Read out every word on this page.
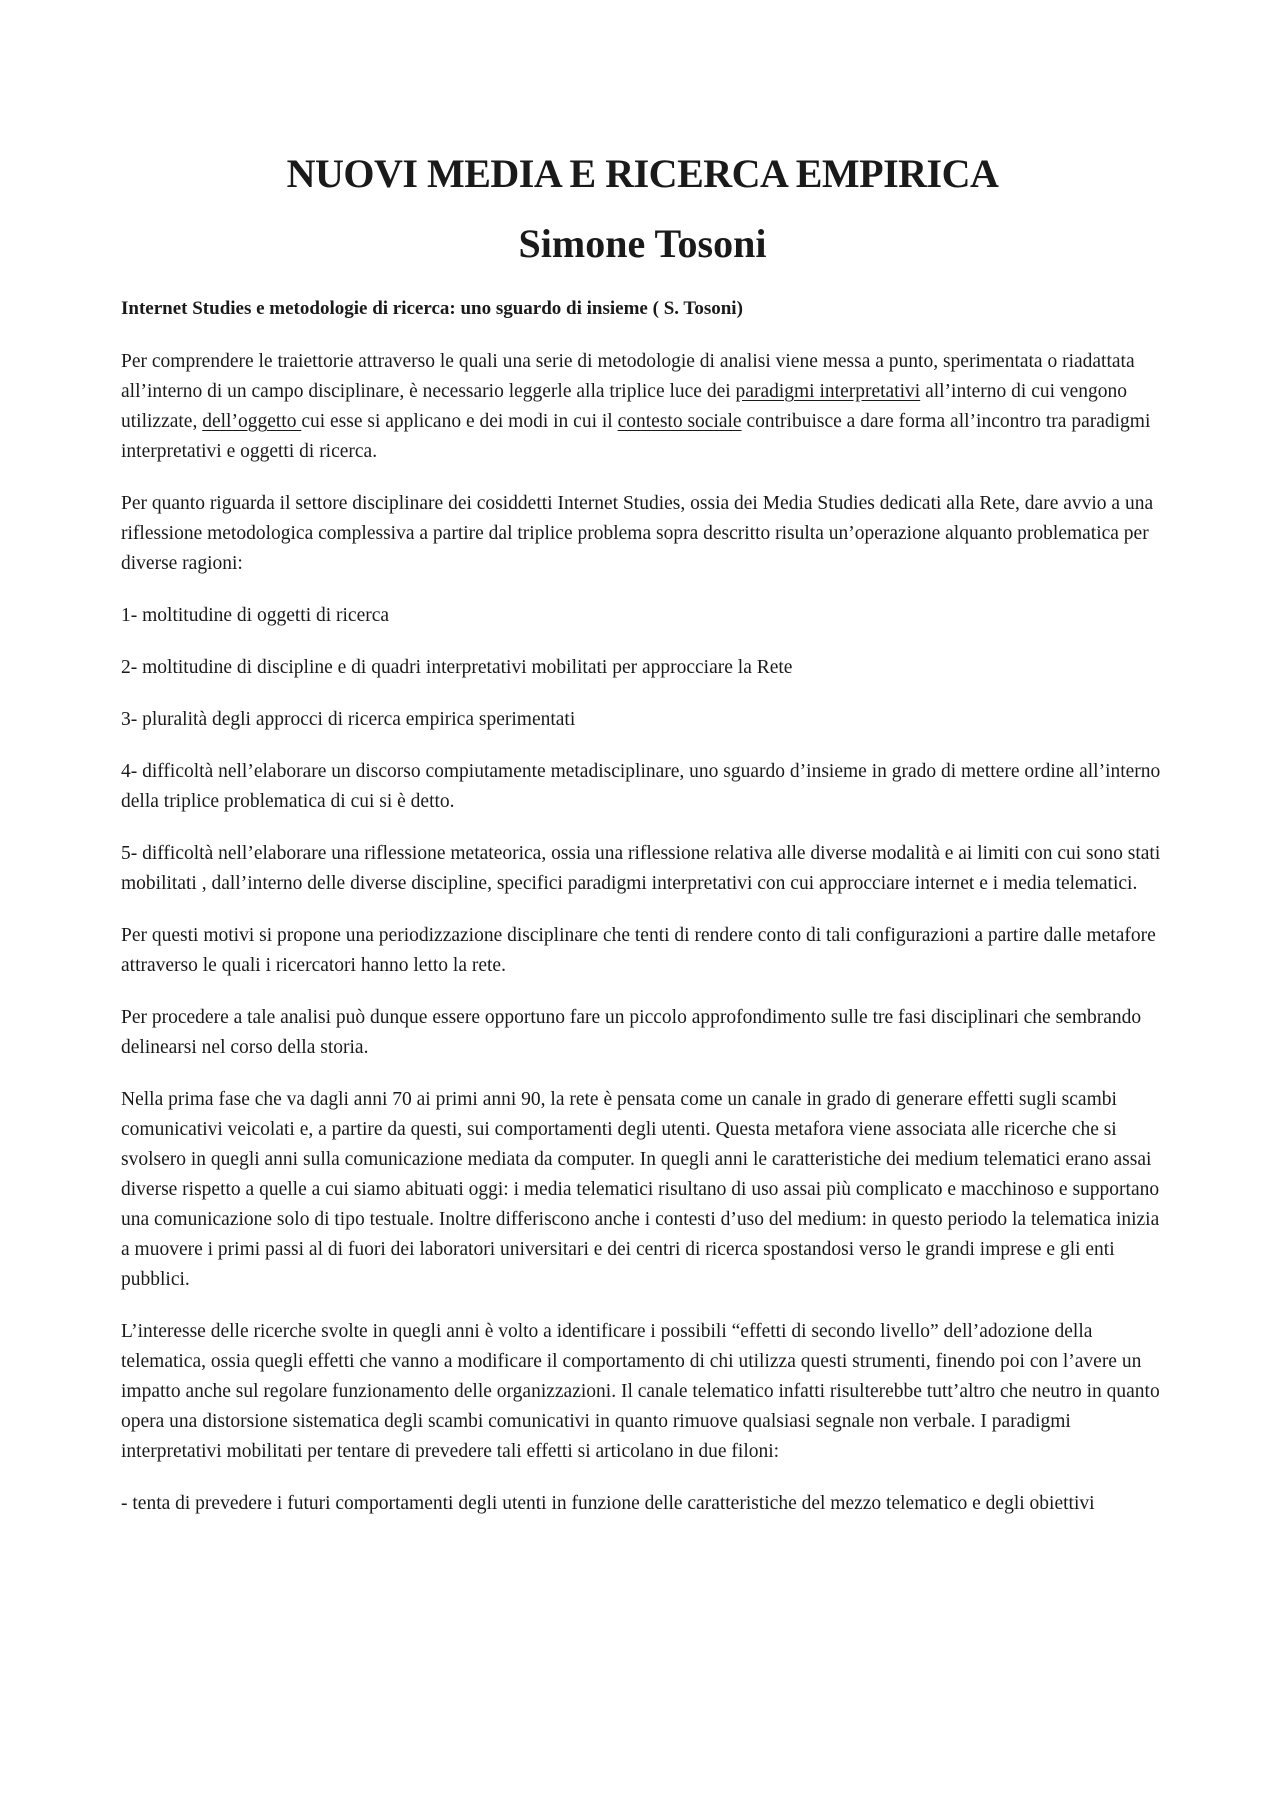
NUOVI MEDIA E RICERCA EMPIRICA
Simone Tosoni

Internet Studies e metodologie di ricerca: uno sguardo di insieme ( S. Tosoni)

Per comprendere le traiettorie attraverso le quali una serie di metodologie di analisi viene messa a punto, sperimentata o riadattata all’interno di un campo disciplinare, è necessario leggerle alla triplice luce dei paradigmi interpretativi all’interno di cui vengono utilizzate, dell’oggetto cui esse si applicano e dei modi in cui il contesto sociale contribuisce a dare forma all’incontro tra paradigmi interpretativi e oggetti di ricerca.

Per quanto riguarda il settore disciplinare dei cosiddetti Internet Studies, ossia dei Media Studies dedicati alla Rete, dare avvio a una riflessione metodologica complessiva a partire dal triplice problema sopra descritto risulta un’operazione alquanto problematica per diverse ragioni:

1- moltitudine di oggetti di ricerca

2- moltitudine di discipline e di quadri interpretativi mobilitati per approcciare la Rete

3- pluralità degli approcci di ricerca empirica sperimentati

4- difficoltà nell’elaborare un discorso compiutamente metadisciplinare, uno sguardo d’insieme in grado di mettere ordine all’interno della triplice problematica di cui si è detto.

5- difficoltà nell’elaborare una riflessione metateorica, ossia una riflessione relativa alle diverse modalità e ai limiti con cui sono stati mobilitati , dall’interno delle diverse discipline, specifici paradigmi interpretativi con cui approcciare internet e i media telematici.

Per questi motivi si propone una periodizzazione disciplinare che tenti di rendere conto di tali configurazioni a partire dalle metafore attraverso le quali i ricercatori hanno letto la rete.

Per procedere a tale analisi può dunque essere opportuno fare un piccolo approfondimento sulle tre fasi disciplinari che sembrando delinearsi nel corso della storia.

Nella prima fase che va dagli anni 70 ai primi anni 90, la rete è pensata come un canale in grado di generare effetti sugli scambi comunicativi veicolati e, a partire da questi, sui comportamenti degli utenti. Questa metafora viene associata alle ricerche che si svolsero in quegli anni sulla comunicazione mediata da computer. In quegli anni le caratteristiche dei medium telematici erano assai diverse rispetto a quelle a cui siamo abituati oggi: i media telematici risultano di uso assai più complicato e macchinoso e supportano una comunicazione solo di tipo testuale. Inoltre differiscono anche i contesti d’uso del medium: in questo periodo la telematica inizia a muovere i primi passi al di fuori dei laboratori universitari e dei centri di ricerca spostandosi verso le grandi imprese e gli enti pubblici.

L’interesse delle ricerche svolte in quegli anni è volto a identificare i possibili “effetti di secondo livello” dell’adozione della telematica, ossia quegli effetti che vanno a modificare il comportamento di chi utilizza questi strumenti, finendo poi con l’avere un impatto anche sul regolare funzionamento delle organizzazioni. Il canale telematico infatti risulterebbe tutt’altro che neutro in quanto opera una distorsione sistematica degli scambi comunicativi in quanto rimuove qualsiasi segnale non verbale. I paradigmi interpretativi mobilitati per tentare di prevedere tali effetti si articolano in due filoni:

- tenta di prevedere i futuri comportamenti degli utenti in funzione delle caratteristiche del mezzo telematico e degli obiettivi
